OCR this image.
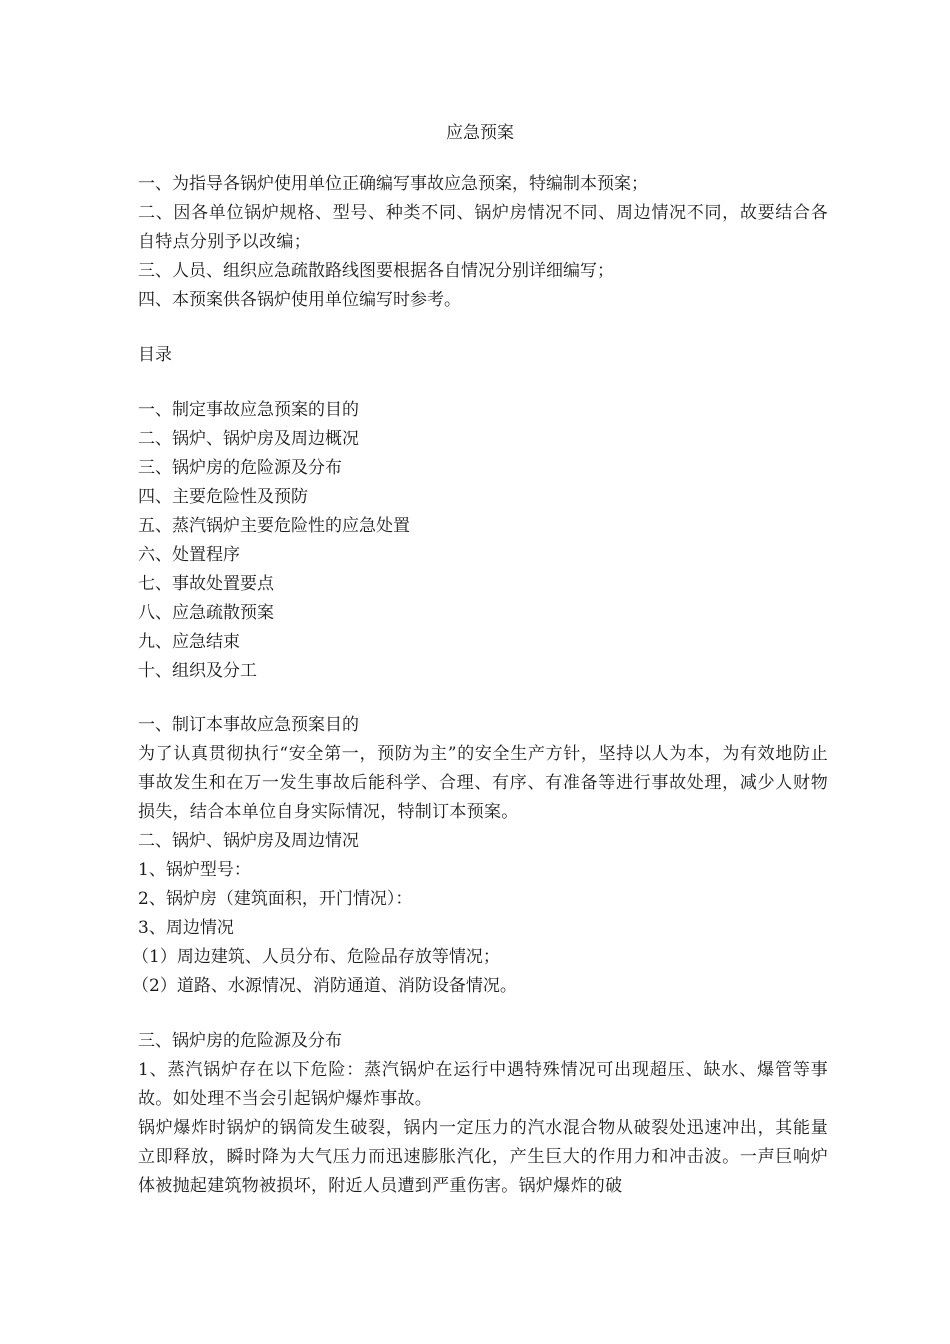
应急预案
一、为指导各锅炉使用单位正确编写事故应急预案，特编制本预案；
二、因各单位锅炉规格、型号、种类不同、锅炉房情况不同、周边情况不同，故要结合各自特点分别予以改编；
三、人员、组织应急疏散路线图要根据各自情况分别详细编写；
四、本预案供各锅炉使用单位编写时参考。
目录
一、制定事故应急预案的目的
二、锅炉、锅炉房及周边概况
三、锅炉房的危险源及分布
四、主要危险性及预防
五、蒸汽锅炉主要危险性的应急处置
六、处置程序
七、事故处置要点
八、应急疏散预案
九、应急结束
十、组织及分工
一、制订本事故应急预案目的
为了认真贯彻执行“安全第一，预防为主”的安全生产方针，坚持以人为本，为有效地防止事故发生和在万一发生事故后能科学、合理、有序、有准备等进行事故处理，减少人财物损失，结合本单位自身实际情况，特制订本预案。
二、锅炉、锅炉房及周边情况
1、锅炉型号：
2、锅炉房（建筑面积，开门情况）：
3、周边情况
（1）周边建筑、人员分布、危险品存放等情况；
（2）道路、水源情况、消防通道、消防设备情况。
三、锅炉房的危险源及分布
1、蒸汽锅炉存在以下危险：蒸汽锅炉在运行中遇特殊情况可出现超压、缺水、爆管等事故。如处理不当会引起锅炉爆炸事故。
锅炉爆炸时锅炉的锅筒发生破裂，锅内一定压力的汽水混合物从破裂处迅速冲出，其能量立即释放，瞬时降为大气压力而迅速膨胀汽化，产生巨大的作用力和冲击波。一声巨响炉体被抛起建筑物被损坏，附近人员遭到严重伤害。锅炉爆炸的破
